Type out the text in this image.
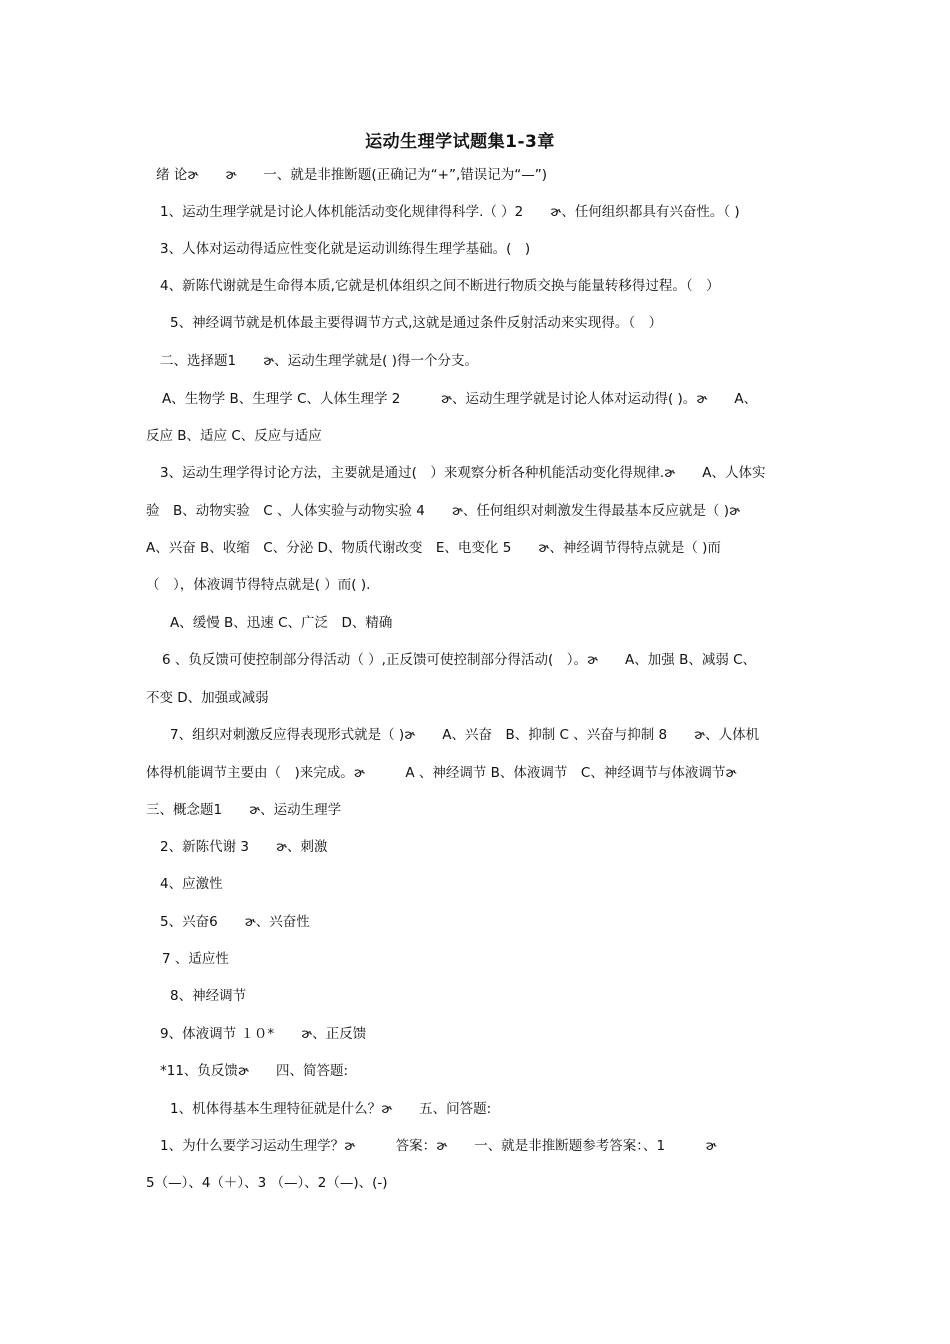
运动生理学试题集1-3章
绪 论ɚ　　ɚ　　一、就是非推断题(正确记为“+”,错误记为“—”)
1、运动生理学就是讨论人体机能活动变化规律得科学.（ ）2　　ɚ、任何组织都具有兴奋性。（ )
3、人体对运动得适应性变化就是运动训练得生理学基础。(　)
4、新陈代谢就是生命得本质,它就是机体组织之间不断进行物质交换与能量转移得过程。（　）
5、神经调节就是机体最主要得调节方式,这就是通过条件反射活动来实现得。（　）
二、选择题1　　ɚ、运动生理学就是( )得一个分支。
A、生物学 B、生理学 C、人体生理学 2　　　ɚ、运动生理学就是讨论人体对运动得( )。ɚ　　A、
反应 B、适应 C、反应与适应
3、运动生理学得讨论方法，主要就是通过(　）来观察分析各种机能活动变化得规律.ɚ　　A、人体实
验　B、动物实验　C 、人体实验与动物实验 4　　ɚ、任何组织对刺激发生得最基本反应就是（ )ɚ
A、兴奋 B、收缩　C、分泌 D、物质代谢改变　E、电变化 5　　ɚ、神经调节得特点就是（ )而
（　），体液调节得特点就是( ）而( ).
A、缓慢 B、迅速 C、广泛　D、精确
6 、负反馈可使控制部分得活动（ ）,正反馈可使控制部分得活动(　）。ɚ　　A、加强 B、减弱 C、
不变 D、加强或减弱
7、组织对刺激反应得表现形式就是（ )ɚ　　A、兴奋　B、抑制 C 、兴奋与抑制 8　　ɚ、人体机
体得机能调节主要由（　)来完成。ɚ　　　A 、神经调节 B、体液调节　C、神经调节与体液调节ɚ
三、概念题1　　ɚ、运动生理学
2、新陈代谢 3　　ɚ、刺激
4、应激性
5、兴奋6　　ɚ、兴奋性
7 、适应性
8、神经调节
9、体液调节 １０*　　ɚ、正反馈
*11、负反馈ɚ　　四、简答题:
1、机体得基本生理特征就是什么？ɚ　　五、问答题:
1、为什么要学习运动生理学？ɚ　　　答案：ɚ　　一、就是非推断题参考答案：、1　　　ɚ
5（—）、4（＋）、3 （—）、2（—)、(-)
